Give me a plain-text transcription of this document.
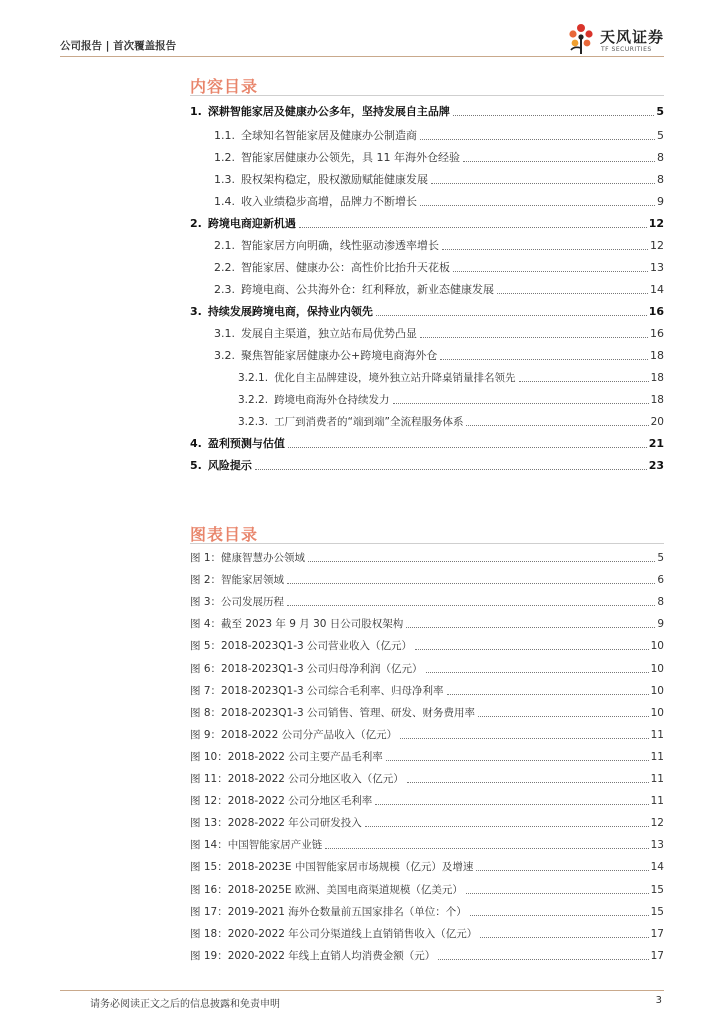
公司报告 | 首次覆盖报告	天风证券
TF SECURITIES
内容目录
1. 深耕智能家居及健康办公多年，坚持发展自主品牌	5
1.1. 全球知名智能家居及健康办公制造商	5
1.2. 智能家居健康办公领先，具 11 年海外仓经验	8
1.3. 股权架构稳定，股权激励赋能健康发展	8
1.4. 收入业绩稳步高增，品牌力不断增长	9
2. 跨境电商迎新机遇	12
2.1. 智能家居方向明确，线性驱动渗透率增长	12
2.2. 智能家居、健康办公：高性价比抬升天花板	13
2.3. 跨境电商、公共海外仓：红利释放，新业态健康发展	14
3. 持续发展跨境电商，保持业内领先	16
3.1. 发展自主渠道，独立站布局优势凸显	16
3.2. 聚焦智能家居健康办公+跨境电商海外仓	18
3.2.1. 优化自主品牌建设，境外独立站升降桌销量排名领先	18
3.2.2. 跨境电商海外仓持续发力	18
3.2.3. 工厂到消费者的“端到端”全流程服务体系	20
4. 盈利预测与估值	21
5. 风险提示	23
图表目录
图 1：健康智慧办公领域	5
图 2：智能家居领域	6
图 3：公司发展历程	8
图 4：截至 2023 年 9 月 30 日公司股权架构	9
图 5：2018-2023Q1-3 公司营业收入（亿元）	10
图 6：2018-2023Q1-3 公司归母净利润（亿元）	10
图 7：2018-2023Q1-3 公司综合毛利率、归母净利率	10
图 8：2018-2023Q1-3 公司销售、管理、研发、财务费用率	10
图 9：2018-2022 公司分产品收入（亿元）	11
图 10：2018-2022 公司主要产品毛利率	11
图 11：2018-2022 公司分地区收入（亿元）	11
图 12：2018-2022 公司分地区毛利率	11
图 13：2028-2022 年公司研发投入	12
图 14：中国智能家居产业链	13
图 15：2018-2023E 中国智能家居市场规模（亿元）及增速	14
图 16：2018-2025E 欧洲、美国电商渠道规模（亿美元）	15
图 17：2019-2021 海外仓数量前五国家排名（单位：个）	15
图 18：2020-2022 年公司分渠道线上直销销售收入（亿元）	17
图 19：2020-2022 年线上直销人均消费金额（元）	17
请务必阅读正文之后的信息披露和免责申明	3
